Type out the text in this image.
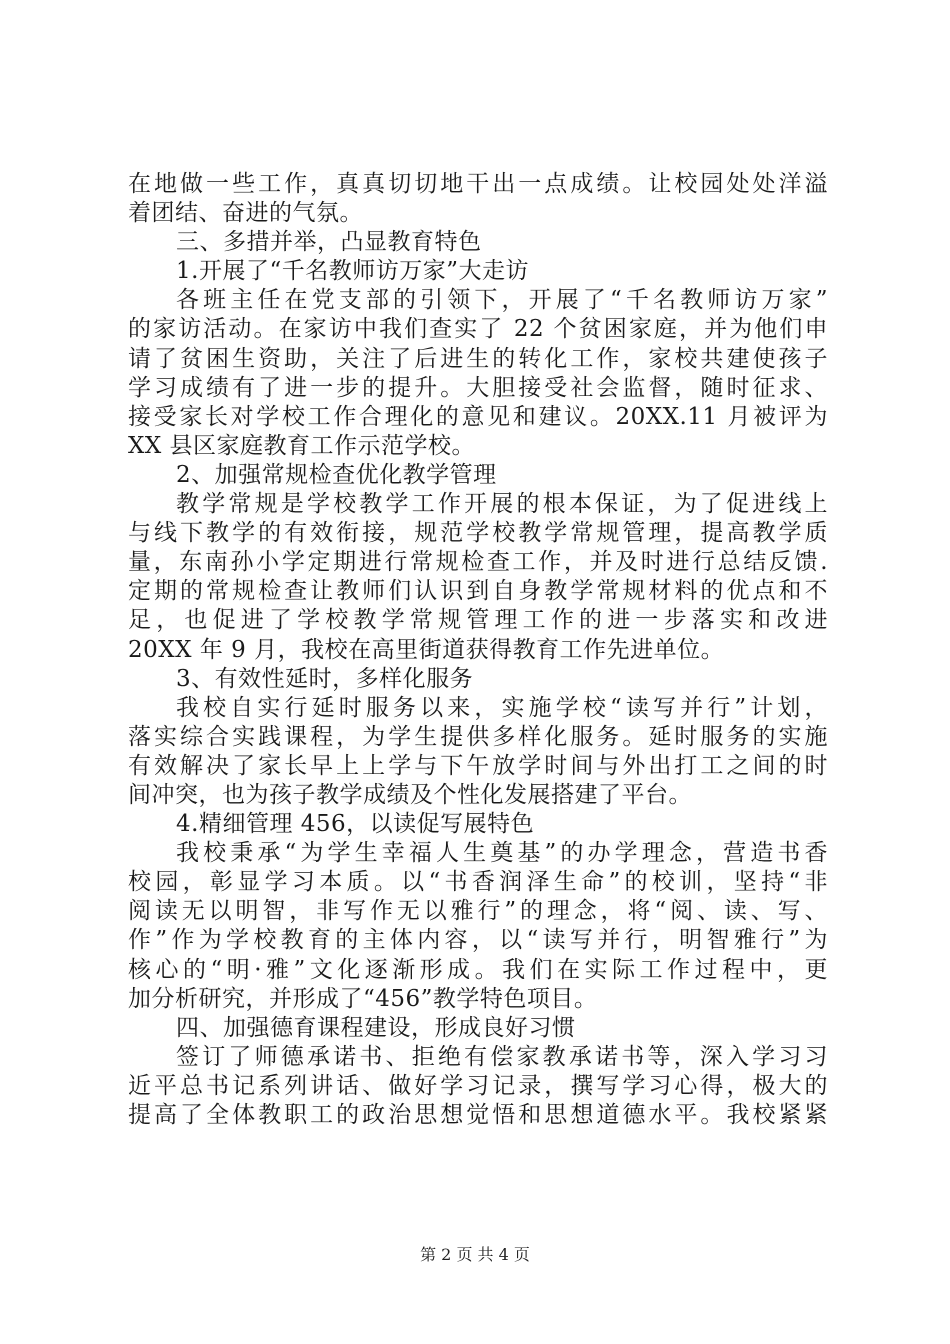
在地做一些工作，真真切切地干出一点成绩。让校园处处洋溢
着团结、奋进的气氛。
三、多措并举，凸显教育特色
1.开展了“千名教师访万家”大走访
各班主任在党支部的引领下，开展了“千名教师访万家”
的家访活动。在家访中我们查实了 22 个贫困家庭，并为他们申
请了贫困生资助，关注了后进生的转化工作，家校共建使孩子
学习成绩有了进一步的提升。大胆接受社会监督，随时征求、
接受家长对学校工作合理化的意见和建议。20XX.11 月被评为
XX 县区家庭教育工作示范学校。
2、加强常规检查优化教学管理
教学常规是学校教学工作开展的根本保证，为了促进线上
与线下教学的有效衔接，规范学校教学常规管理，提高教学质
量，东南孙小学定期进行常规检查工作，并及时进行总结反馈.
定期的常规检查让教师们认识到自身教学常规材料的优点和不
足，也促进了学校教学常规管理工作的进一步落实和改进
20XX 年 9 月，我校在高里街道获得教育工作先进单位。
3、有效性延时，多样化服务
我校自实行延时服务以来，实施学校“读写并行”计划，
落实综合实践课程，为学生提供多样化服务。延时服务的实施
有效解决了家长早上上学与下午放学时间与外出打工之间的时
间冲突，也为孩子教学成绩及个性化发展搭建了平台。
4.精细管理 456，以读促写展特色
我校秉承“为学生幸福人生奠基”的办学理念，营造书香
校园，彰显学习本质。以“书香润泽生命”的校训，坚持“非
阅读无以明智，非写作无以雅行”的理念，将“阅、读、写、
作”作为学校教育的主体内容，以“读写并行，明智雅行”为
核心的“明·雅”文化逐渐形成。我们在实际工作过程中，更
加分析研究，并形成了“456”教学特色项目。
四、加强德育课程建设，形成良好习惯
签订了师德承诺书、拒绝有偿家教承诺书等，深入学习习
近平总书记系列讲话、做好学习记录，撰写学习心得，极大的
提高了全体教职工的政治思想觉悟和思想道德水平。我校紧紧
第 2 页 共 4 页
